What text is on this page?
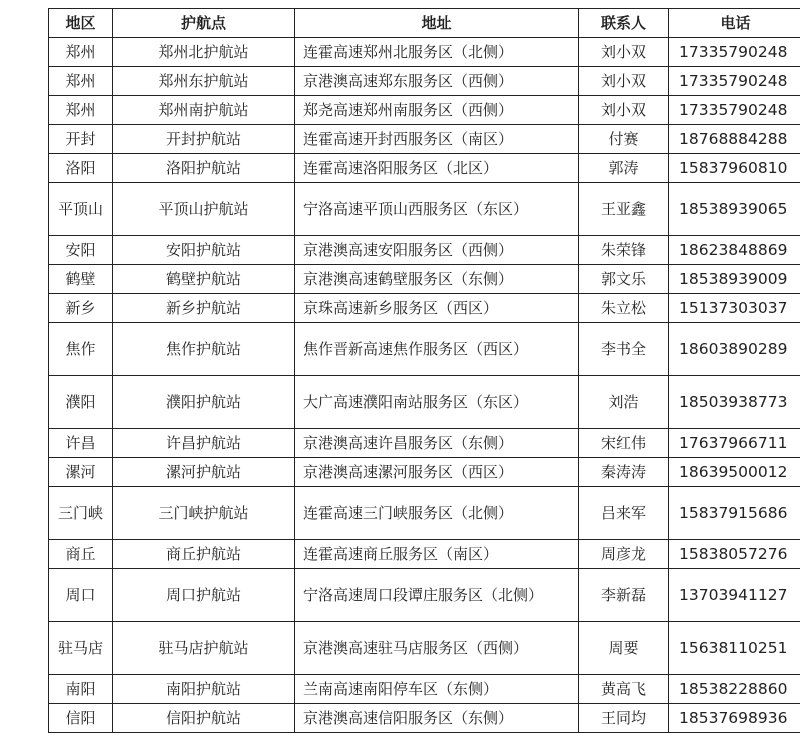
地区	护航点	地址	联系人	电话
郑州	郑州北护航站	连霍高速郑州北服务区（北侧）	刘小双	17335790248
郑州	郑州东护航站	京港澳高速郑东服务区（西侧）	刘小双	17335790248
郑州	郑州南护航站	郑尧高速郑州南服务区（西侧）	刘小双	17335790248
开封	开封护航站	连霍高速开封西服务区（南区）	付赛	18768884288
洛阳	洛阳护航站	连霍高速洛阳服务区（北区）	郭涛	15837960810
平顶山	平顶山护航站	宁洛高速平顶山西服务区（东区）	王亚鑫	18538939065
安阳	安阳护航站	京港澳高速安阳服务区（西侧）	朱荣锋	18623848869
鹤壁	鹤壁护航站	京港澳高速鹤壁服务区（东侧）	郭文乐	18538939009
新乡	新乡护航站	京珠高速新乡服务区（西区）	朱立松	15137303037
焦作	焦作护航站	焦作晋新高速焦作服务区（西区）	李书全	18603890289
濮阳	濮阳护航站	大广高速濮阳南站服务区（东区）	刘浩	18503938773
许昌	许昌护航站	京港澳高速许昌服务区（东侧）	宋红伟	17637966711
漯河	漯河护航站	京港澳高速漯河服务区（西区）	秦涛涛	18639500012
三门峡	三门峡护航站	连霍高速三门峡服务区（北侧）	吕来军	15837915686
商丘	商丘护航站	连霍高速商丘服务区（南区）	周彦龙	15838057276
周口	周口护航站	宁洛高速周口段谭庄服务区（北侧）	李新磊	13703941127
驻马店	驻马店护航站	京港澳高速驻马店服务区（西侧）	周要	15638110251
南阳	南阳护航站	兰南高速南阳停车区（东侧）	黄高飞	18538228860
信阳	信阳护航站	京港澳高速信阳服务区（东侧）	王同均	18537698936
